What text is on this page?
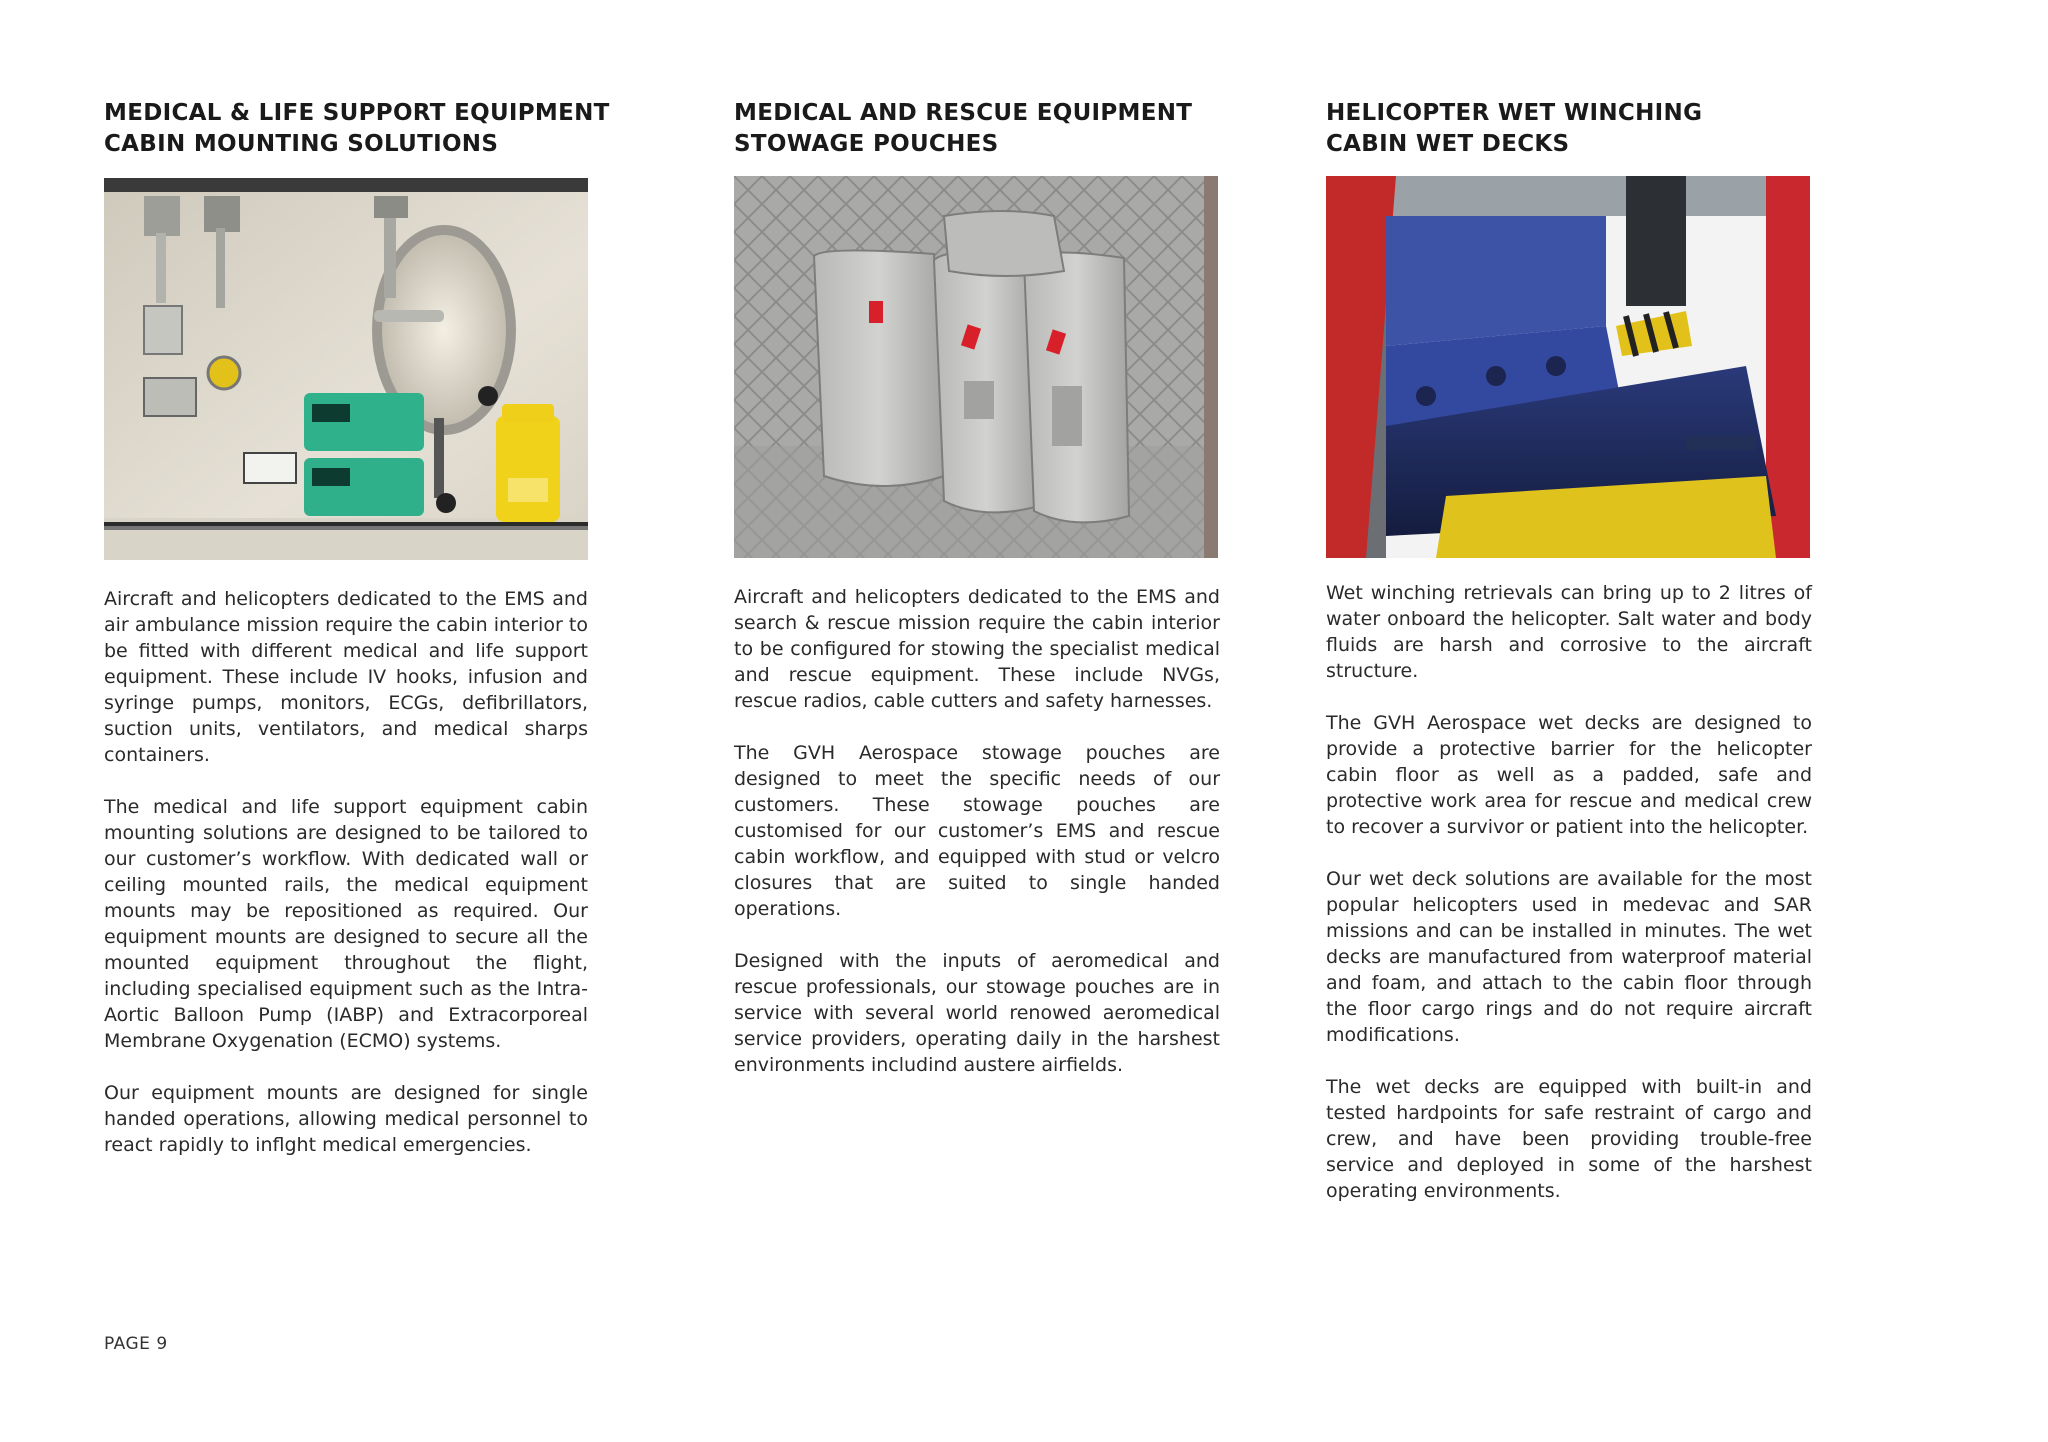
MEDICAL & LIFE SUPPORT EQUIPMENT
CABIN MOUNTING SOLUTIONS

Aircraft and helicopters dedicated to the EMS and air ambulance mission require the cabin interior to be fitted with different medical and life support equipment. These include IV hooks, infusion and syringe pumps, monitors, ECGs, defibrillators, suction units, ventilators, and medical sharps containers.

The medical and life support equipment cabin mounting solutions are designed to be tailored to our customer’s workflow. With dedicated wall or ceiling mounted rails, the medical equipment mounts may be repositioned as required. Our equipment mounts are designed to secure all the mounted equipment throughout the flight, including specialised equipment such as the Intra-Aortic Balloon Pump (IABP) and Extracorporeal Membrane Oxygenation (ECMO) systems.

Our equipment mounts are designed for single handed operations, allowing medical personnel to react rapidly to inflght medical emergencies.

MEDICAL AND RESCUE EQUIPMENT
STOWAGE POUCHES

Aircraft and helicopters dedicated to the EMS and search & rescue mission require the cabin interior to be configured for stowing the specialist medical and rescue equipment. These include NVGs, rescue radios, cable cutters and safety harnesses.

The GVH Aerospace stowage pouches are designed to meet the specific needs of our customers. These stowage pouches are customised for our customer’s EMS and rescue cabin workflow, and equipped with stud or velcro closures that are suited to single handed operations.

Designed with the inputs of aeromedical and rescue professionals, our stowage pouches are in service with several world renowed aeromedical service providers, operating daily in the harshest environments includind austere airfields.

HELICOPTER WET WINCHING
CABIN WET DECKS

Wet winching retrievals can bring up to 2 litres of water onboard the helicopter. Salt water and body fluids are harsh and corrosive to the aircraft structure.

The GVH Aerospace wet decks are designed to provide a protective barrier for the helicopter cabin floor as well as a padded, safe and protective work area for rescue and medical crew to recover a survivor or patient into the helicopter.

Our wet deck solutions are available for the most popular helicopters used in medevac and SAR missions and can be installed in minutes. The wet decks are manufactured from waterproof material and foam, and attach to the cabin floor through the floor cargo rings and do not require aircraft modifications.

The wet decks are equipped with built-in and tested hardpoints for safe restraint of cargo and crew, and have been providing trouble-free service and deployed in some of the harshest operating environments.

PAGE 9
